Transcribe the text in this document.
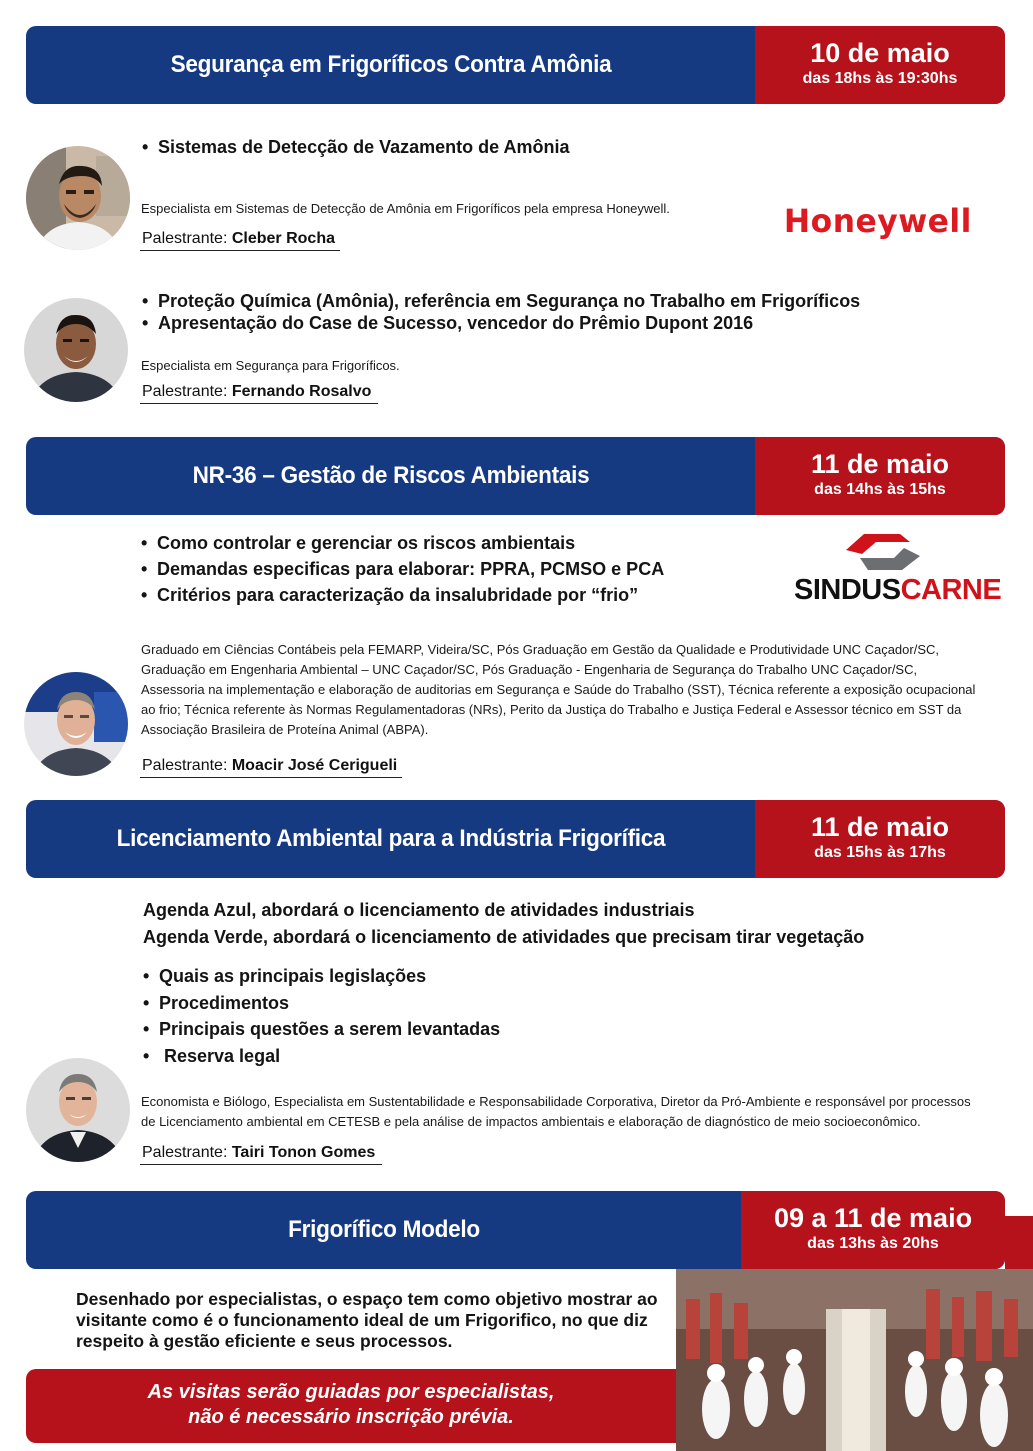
Segurança em Frigoríficos Contra Amônia	10 de maio
das 18hs às 19:30hs
• Sistemas de Detecção de Vazamento de Amônia
Especialista em Sistemas de Detecção de Amônia em Frigoríficos pela empresa Honeywell.
Palestrante: Cleber Rocha	Honeywell
• Proteção Química (Amônia), referência em Segurança no Trabalho em Frigoríficos
• Apresentação do Case de Sucesso, vencedor do Prêmio Dupont 2016
Especialista em Segurança para Frigoríficos.
Palestrante: Fernando Rosalvo
NR-36 – Gestão de Riscos Ambientais	11 de maio
das 14hs às 15hs
• Como controlar e gerenciar os riscos ambientais
• Demandas especificas para elaborar: PPRA, PCMSO e PCA
• Critérios para caracterização da insalubridade por “frio”	SINDUSCARNE
Graduado em Ciências Contábeis pela FEMARP, Videira/SC, Pós Graduação em Gestão da Qualidade e Produtividade UNC Caçador/SC,
Graduação em Engenharia Ambiental – UNC Caçador/SC, Pós Graduação - Engenharia de Segurança do Trabalho UNC Caçador/SC,
Assessoria na implementação e elaboração de auditorias em Segurança e Saúde do Trabalho (SST), Técnica referente a exposição ocupacional
ao frio; Técnica referente às Normas Regulamentadoras (NRs), Perito da Justiça do Trabalho e Justiça Federal e Assessor técnico em SST da
Associação Brasileira de Proteína Animal (ABPA).
Palestrante: Moacir José Cerigueli
Licenciamento Ambiental para a Indústria Frigorífica	11 de maio
das 15hs às 17hs
Agenda Azul, abordará o licenciamento de atividades industriais
Agenda Verde, abordará o licenciamento de atividades que precisam tirar vegetação
• Quais as principais legislações
• Procedimentos
• Principais questões a serem levantadas
•  Reserva legal
Economista e Biólogo, Especialista em Sustentabilidade e Responsabilidade Corporativa, Diretor da Pró-Ambiente e responsável por processos
de Licenciamento ambiental em CETESB e pela análise de impactos ambientais e elaboração de diagnóstico de meio socioeconômico.
Palestrante: Tairi Tonon Gomes
Frigorífico Modelo	09 a 11 de maio
das 13hs às 20hs
Desenhado por especialistas, o espaço tem como objetivo mostrar ao visitante como é o funcionamento ideal de um Frigorifico, no que diz respeito à gestão eficiente e seus processos.
As visitas serão guiadas por especialistas,
não é necessário inscrição prévia.
